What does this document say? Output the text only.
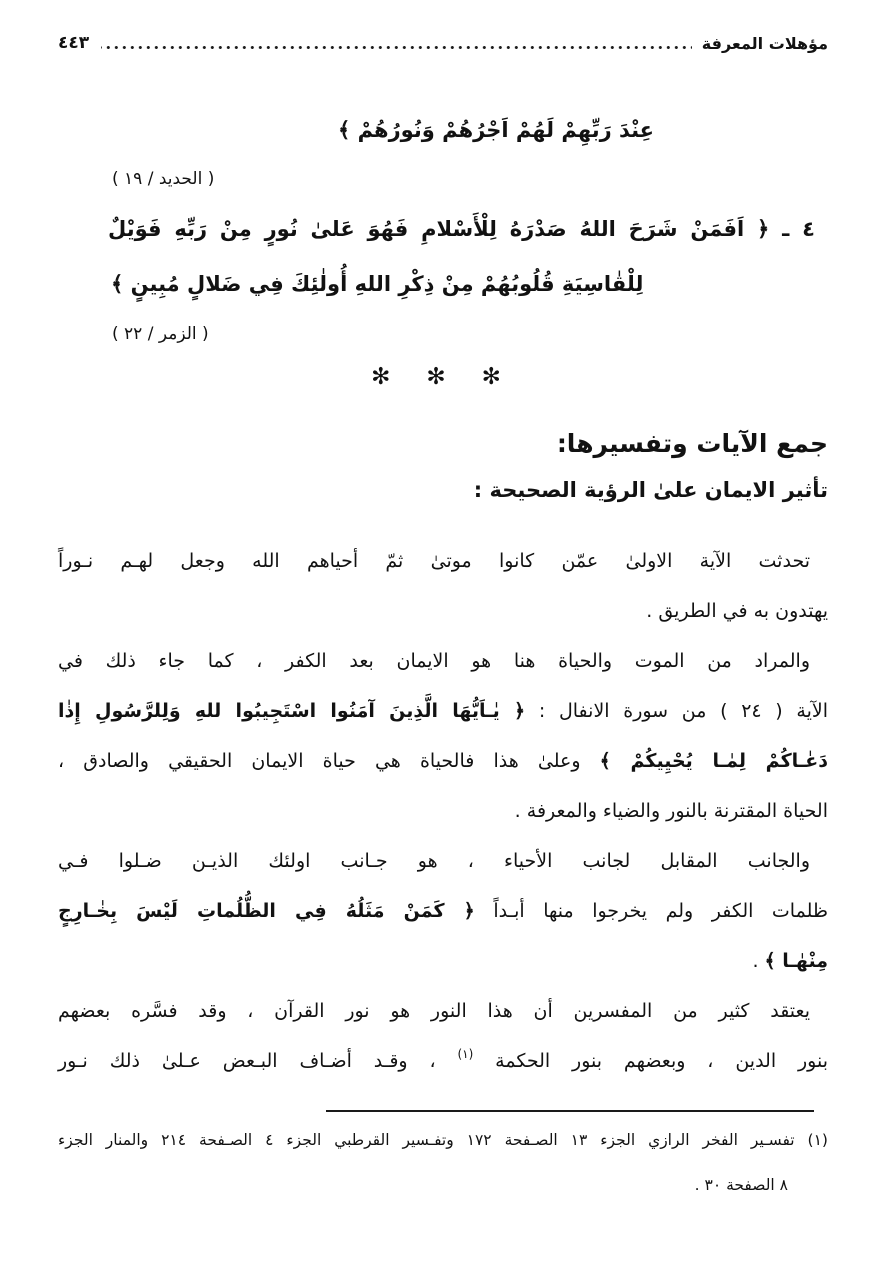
مؤهلات المعرفة
٤٤٣
عِنْدَ رَبِّهِمْ لَهُمْ اَجْرُهُمْ وَنُورُهُمْ ﴾
( الحديد / ١٩ )
٤ ـ ﴿ اَفَمَنْ شَرَحَ اللهُ صَدْرَهُ لِلْأَسْلامِ فَهُوَ عَلىٰ نُورٍ مِنْ رَبِّهِ فَوَيْلٌ
لِلْقٰاسِيَةِ قُلُوبُهُمْ مِنْ ذِكْرِ اللهِ أُولٰئِكَ فِي ضَلالٍ مُبِينٍ ﴾
( الزمر / ٢٢ )
✻ ✻ ✻
جمع الآيات وتفسيرها:
تأثير الايمان علىٰ الرؤية الصحيحة :
تحدثت الآية الاولىٰ عمّن كانوا موتىٰ ثمّ أحياهم الله وجعل لهـم نـوراً
يهتدون به في الطريق .
والمراد من الموت والحياة هنا هو الايمان بعد الكفر ، كما جاء ذلك في
الآية ( ٢٤ ) من سورة الانفال : ﴿ يٰـاَيُّهَا الَّذِينَ آمَنُوا اسْتَجِيبُوا للهِ وَلِلرَّسُولِ إِذٰا
دَعٰـاكُمْ لِمٰـا يُحْيِيكُمْ ﴾ وعلىٰ هذا فالحياة هي حياة الايمان الحقيقي والصادق ،
الحياة المقترنة بالنور والضياء والمعرفة .
والجانب المقابل لجانب الأحياء ، هو جـانب اولئك الذيـن ضـلوا فـي
ظلمات الكفر ولم يخرجوا منها أبـداً ﴿ كَمَنْ مَثَلُهُ فِي الظُّلُماتِ لَيْسَ بِخٰـارِجٍ
مِنْهٰـا ﴾ .
يعتقد كثير من المفسرين أن هذا النور هو نور القرآن ، وقد فسَّره بعضهم
بنور الدين ، وبعضهم بنور الحكمة $^{(١)}$ ، وقـد أضـاف البـعض عـلىٰ ذلك نـور
(١) تفسـير الفخر الرازي الجزء ١٣ الصـفحة ١٧٢ وتفـسير القرطبي الجزء ٤ الصـفحة ٢١٤ والمنار الجزء
٨ الصفحة ٣٠ .
